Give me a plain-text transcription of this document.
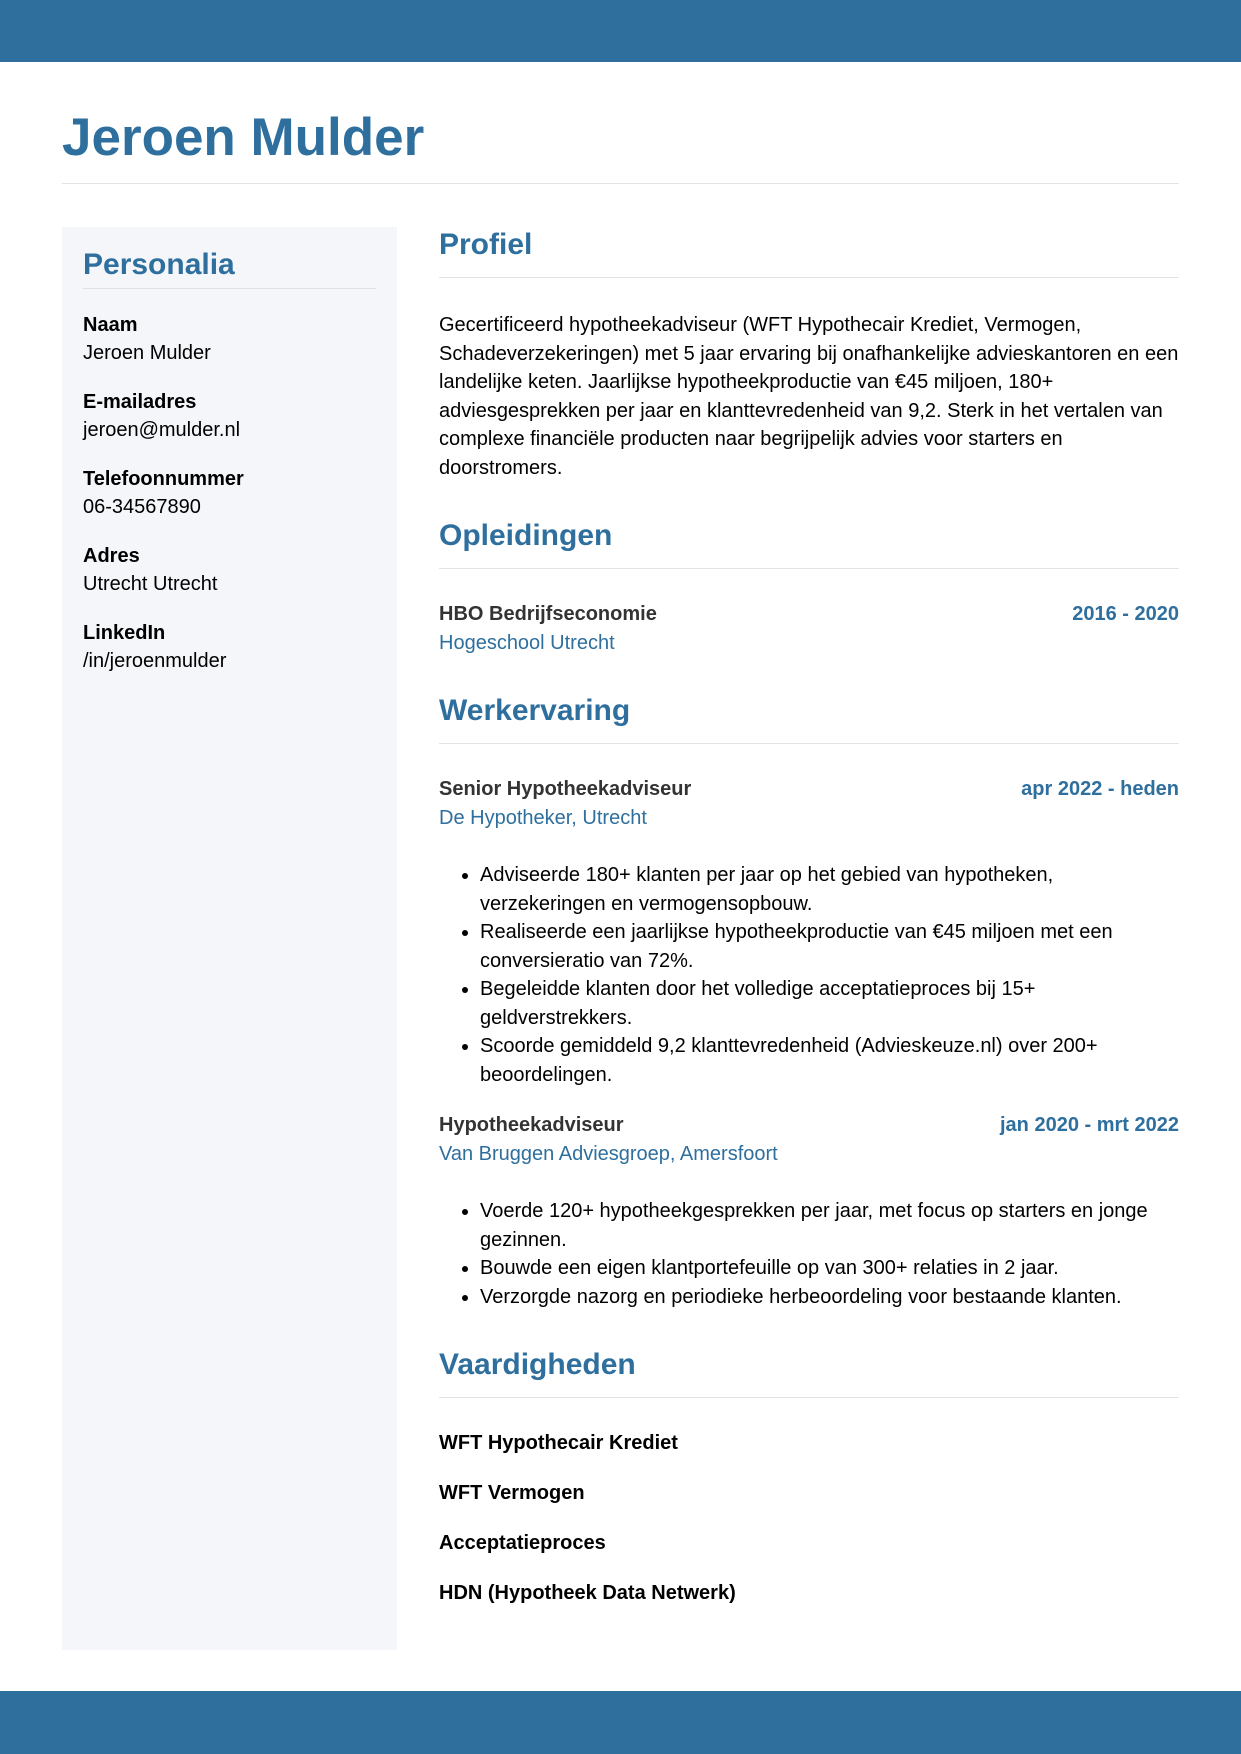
Jeroen Mulder
Personalia
Naam
Jeroen Mulder
E-mailadres
jeroen@mulder.nl
Telefoonnummer
06-34567890
Adres
Utrecht Utrecht
LinkedIn
/in/jeroenmulder
Profiel

Gecertificeerd hypotheekadviseur (WFT Hypothecair Krediet, Vermogen, Schadeverzekeringen) met 5 jaar ervaring bij onafhankelijke advieskantoren en een landelijke keten. Jaarlijkse hypotheekproductie van €45 miljoen, 180+ adviesgesprekken per jaar en klanttevredenheid van 9,2. Sterk in het vertalen van complexe financiële producten naar begrijpelijk advies voor starters en doorstromers.

Opleidingen
HBO Bedrijfseconomie	2016 - 2020
Hogeschool Utrecht
Werkervaring
Senior Hypotheekadviseur	apr 2022 - heden
De Hypotheker, Utrecht
• Adviseerde 180+ klanten per jaar op het gebied van hypotheken, verzekeringen en vermogensopbouw.
• Realiseerde een jaarlijkse hypotheekproductie van €45 miljoen met een conversieratio van 72%.
• Begeleidde klanten door het volledige acceptatieproces bij 15+ geldverstrekkers.
• Scoorde gemiddeld 9,2 klanttevredenheid (Advieskeuze.nl) over 200+ beoordelingen.
Hypotheekadviseur	jan 2020 - mrt 2022
Van Bruggen Adviesgroep, Amersfoort
• Voerde 120+ hypotheekgesprekken per jaar, met focus op starters en jonge gezinnen.
• Bouwde een eigen klantportefeuille op van 300+ relaties in 2 jaar.
• Verzorgde nazorg en periodieke herbeoordeling voor bestaande klanten.
Vaardigheden
WFT Hypothecair Krediet
WFT Vermogen
Acceptatieproces
HDN (Hypotheek Data Netwerk)
